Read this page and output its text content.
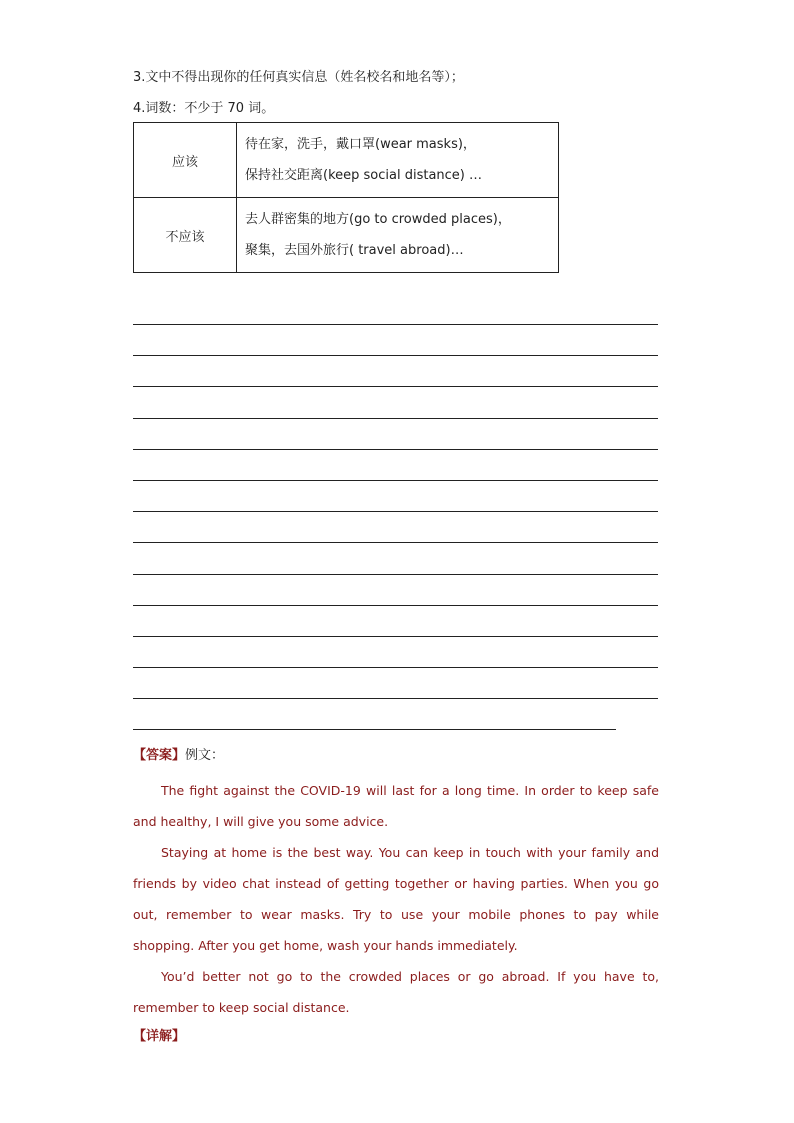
3.文中不得出现你的任何真实信息（姓名校名和地名等）；
4.词数：不少于 70 词。
应该	待在家，洗手，戴口罩(wear masks)，
保持社交距离(keep social distance) …

不应该	去人群密集的地方(go to crowded places)，
聚集，去国外旅行( travel abroad)…
【答案】例文：

The fight against the COVID-19 will last for a long time. In order to keep safe and healthy, I will give you some advice.

Staying at home is the best way. You can keep in touch with your family and friends by video chat instead of getting together or having parties. When you go out, remember to wear masks. Try to use your mobile phones to pay while shopping. After you get home, wash your hands immediately.

You’d better not go to the crowded places or go abroad. If you have to, remember to keep social distance.

【详解】
